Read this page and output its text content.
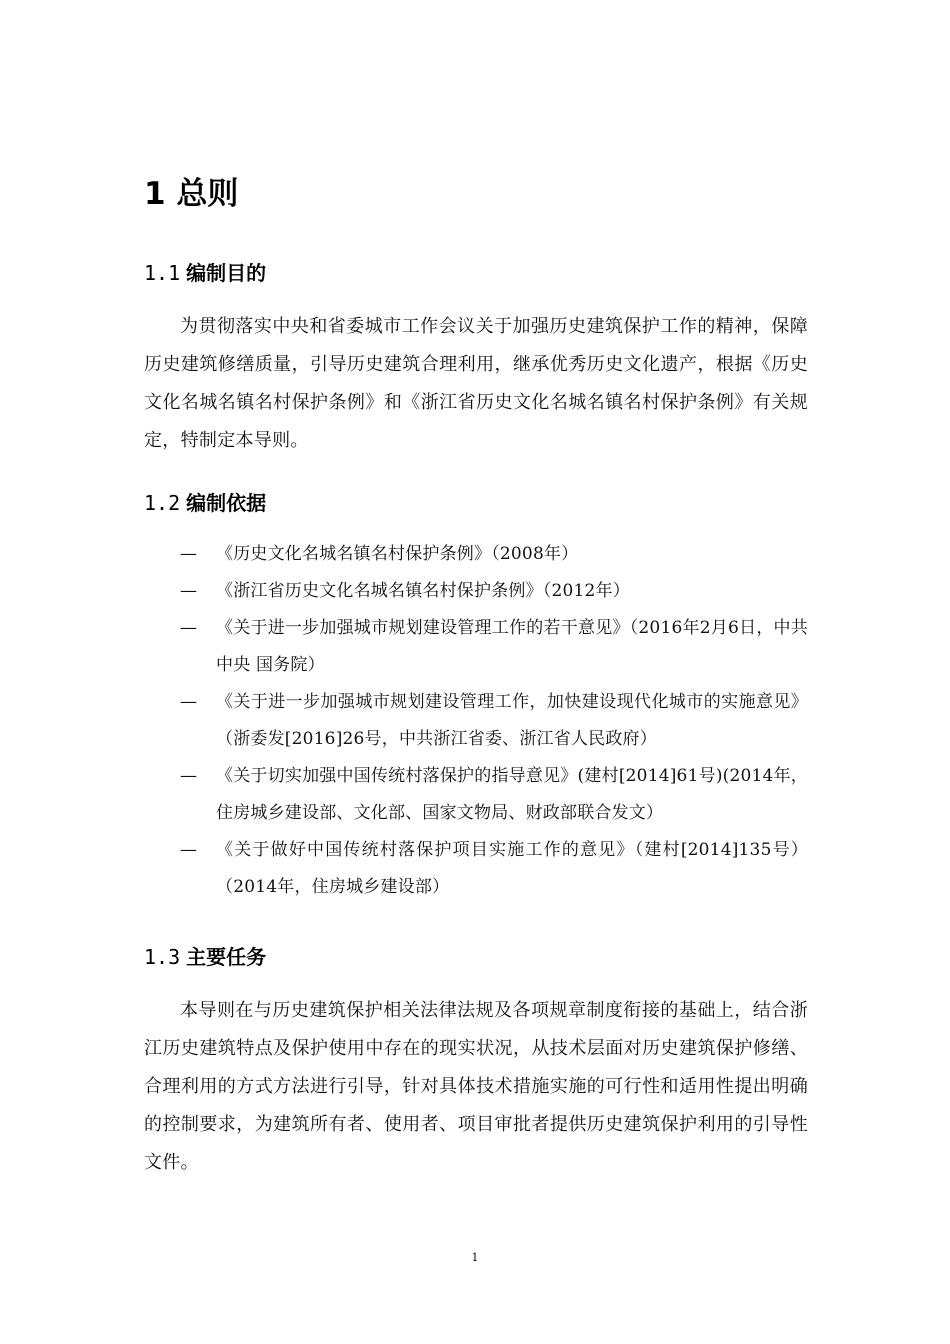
1 总则
1.1 编制目的

为贯彻落实中央和省委城市工作会议关于加强历史建筑保护工作的精神，保障历史建筑修缮质量，引导历史建筑合理利用，继承优秀历史文化遗产，根据《历史文化名城名镇名村保护条例》和《浙江省历史文化名城名镇名村保护条例》有关规定，特制定本导则。

1.2 编制依据
—	《历史文化名城名镇名村保护条例》（2008年）
—	《浙江省历史文化名城名镇名村保护条例》（2012年）
—	《关于进一步加强城市规划建设管理工作的若干意见》（2016年2月6日，中共中央 国务院）
—	《关于进一步加强城市规划建设管理工作，加快建设现代化城市的实施意见》（浙委发[2016]26号，中共浙江省委、浙江省人民政府）
—	《关于切实加强中国传统村落保护的指导意见》(建村[2014]61号)(2014年，住房城乡建设部、文化部、国家文物局、财政部联合发文）
—	《关于做好中国传统村落保护项目实施工作的意见》（建村[2014]135号）（2014年，住房城乡建设部）
1.3 主要任务

本导则在与历史建筑保护相关法律法规及各项规章制度衔接的基础上，结合浙江历史建筑特点及保护使用中存在的现实状况，从技术层面对历史建筑保护修缮、合理利用的方式方法进行引导，针对具体技术措施实施的可行性和适用性提出明确的控制要求，为建筑所有者、使用者、项目审批者提供历史建筑保护利用的引导性文件。

1
